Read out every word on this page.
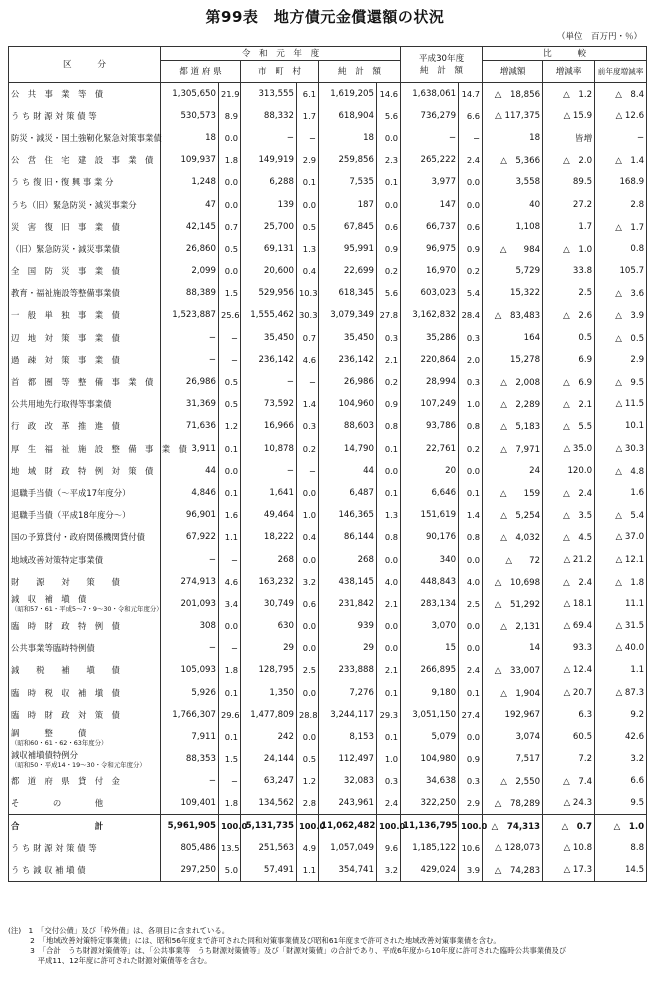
第99表　地方債元金償還額の状況
（単位　百万円・％）
区　　　分	令　和　元　年　度						平成30年度
純　計　額		比　　　較		
	都 道 府 県		市　町　村		純　計　額				増減額	増減率	前年度増減率
公　共　事　業　等　債	1,305,650	21.9	313,555	6.1	1,619,205	14.6	1,638,061	14.7	△　18,856	△　1.2	△　8.4
う ち 財 源 対 策 債 等	530,573	8.9	88,332	1.7	618,904	5.6	736,279	6.6	△ 117,375	△ 15.9	△ 12.6
防災・減災・国土強靭化緊急対策事業債	18	0.0	−	−	18	0.0	−	−	18	皆増	−
公　営　住　宅　建　設　事　業　債	109,937	1.8	149,919	2.9	259,856	2.3	265,222	2.4	△　5,366	△　2.0	△　1.4
う ち 復 旧・復 興 事 業 分	1,248	0.0	6,288	0.1	7,535	0.1	3,977	0.0	3,558	89.5	168.9
うち（旧）緊急防災・減災事業分	47	0.0	139	0.0	187	0.0	147	0.0	40	27.2	2.8
災　害　復　旧　事　業　債	42,145	0.7	25,700	0.5	67,845	0.6	66,737	0.6	1,108	1.7	△　1.7
（旧）緊急防災・減災事業債	26,860	0.5	69,131	1.3	95,991	0.9	96,975	0.9	△　　984	△　1.0	0.8
全　国　防　災　事　業　債	2,099	0.0	20,600	0.4	22,699	0.2	16,970	0.2	5,729	33.8	105.7
教育・福祉施設等整備事業債	88,389	1.5	529,956	10.3	618,345	5.6	603,023	5.4	15,322	2.5	△　3.6
一　般　単　独　事　業　債	1,523,887	25.6	1,555,462	30.3	3,079,349	27.8	3,162,832	28.4	△　83,483	△　2.6	△　3.9
辺　地　対　策　事　業　債	−	−	35,450	0.7	35,450	0.3	35,286	0.3	164	0.5	△　0.5
過　疎　対　策　事　業　債	−	−	236,142	4.6	236,142	2.1	220,864	2.0	15,278	6.9	2.9
首　都　圏　等　整　備　事　業　債	26,986	0.5	−	−	26,986	0.2	28,994	0.3	△　2,008	△　6.9	△　9.5
公共用地先行取得等事業債	31,369	0.5	73,592	1.4	104,960	0.9	107,249	1.0	△　2,289	△　2.1	△ 11.5
行　政　改　革　推　進　債	71,636	1.2	16,966	0.3	88,603	0.8	93,786	0.8	△　5,183	△　5.5	10.1
厚　生　福　祉　施　設　整　備　事　業　債	3,911	0.1	10,878	0.2	14,790	0.1	22,761	0.2	△　7,971	△ 35.0	△ 30.3
地　域　財　政　特　例　対　策　債	44	0.0	−	−	44	0.0	20	0.0	24	120.0	△　4.8
退職手当債（〜平成17年度分）	4,846	0.1	1,641	0.0	6,487	0.1	6,646	0.1	△　　159	△　2.4	1.6
退職手当債（平成18年度分〜）	96,901	1.6	49,464	1.0	146,365	1.3	151,619	1.4	△　5,254	△　3.5	△　5.4
国の予算貸付・政府関係機関貸付債	67,922	1.1	18,222	0.4	86,144	0.8	90,176	0.8	△　4,032	△　4.5	△ 37.0
地域改善対策特定事業債	−	−	268	0.0	268	0.0	340	0.0	△　　72	△ 21.2	△ 12.1
財　　源　　対　　策　　債	274,913	4.6	163,232	3.2	438,145	4.0	448,843	4.0	△　10,698	△　2.4	△　1.8

減　収　補　塡　債
（昭和57・61・平成5〜7・9〜30・令和元年度分）	201,093	3.4	30,749	0.6	231,842	2.1	283,134	2.5	△　51,292	△ 18.1	11.1
臨　時　財　政　特　例　債	308	0.0	630	0.0	939	0.0	3,070	0.0	△　2,131	△ 69.4	△ 31.5
公共事業等臨時特例債	−	−	29	0.0	29	0.0	15	0.0	14	93.3	△ 40.0
減　　税　　補　　塡　　債	105,093	1.8	128,795	2.5	233,888	2.1	266,895	2.4	△　33,007	△ 12.4	1.1
臨　時　税　収　補　塡　債	5,926	0.1	1,350	0.0	7,276	0.1	9,180	0.1	△　1,904	△ 20.7	△ 87.3
臨　時　財　政　対　策　債	1,766,307	29.6	1,477,809	28.8	3,244,117	29.3	3,051,150	27.4	192,967	6.3	9.2

調　　　整　　　債
（昭和60・61・62・63年度分）	7,911	0.1	242	0.0	8,153	0.1	5,079	0.0	3,074	60.5	42.6

減収補塡債特例分
（昭和50・平成14・19〜30・令和元年度分）	88,353	1.5	24,144	0.5	112,497	1.0	104,980	0.9	7,517	7.2	3.2
都　道　府　県　貸　付　金	−	−	63,247	1.2	32,083	0.3	34,638	0.3	△　2,550	△　7.4	6.6
そ　　　　の　　　　他	109,401	1.8	134,562	2.8	243,961	2.4	322,250	2.9	△　78,289	△ 24.3	9.5
合　　　　　　　　　計	5,961,905	100.0	5,131,735	100.0	11,062,482	100.0	11,136,795	100.0	△　74,313	△　0.7	△　1.0
う ち 財 源 対 策 債 等	805,486	13.5	251,563	4.9	1,057,049	9.6	1,185,122	10.6	△ 128,073	△ 10.8	8.8
う ち 減 収 補 塡 債	297,250	5.0	57,491	1.1	354,741	3.2	429,024	3.9	△　74,283	△ 17.3	14.5
(注)　1　「交付公債」及び「枠外債」は、各項目に含まれている。
　　　2　「地域改善対策特定事業債」には、昭和56年度まで許可された同和対策事業債及び昭和61年度まで許可された地域改善対策事業債を含む。
　　　3　「合計　うち財源対策債等」は、「公共事業等　うち財源対策債等」及び「財源対策債」の合計であり、平成6年度から10年度に許可された臨時公共事業債及び
　　　　平成11、12年度に許可された財源対策債等を含む。
